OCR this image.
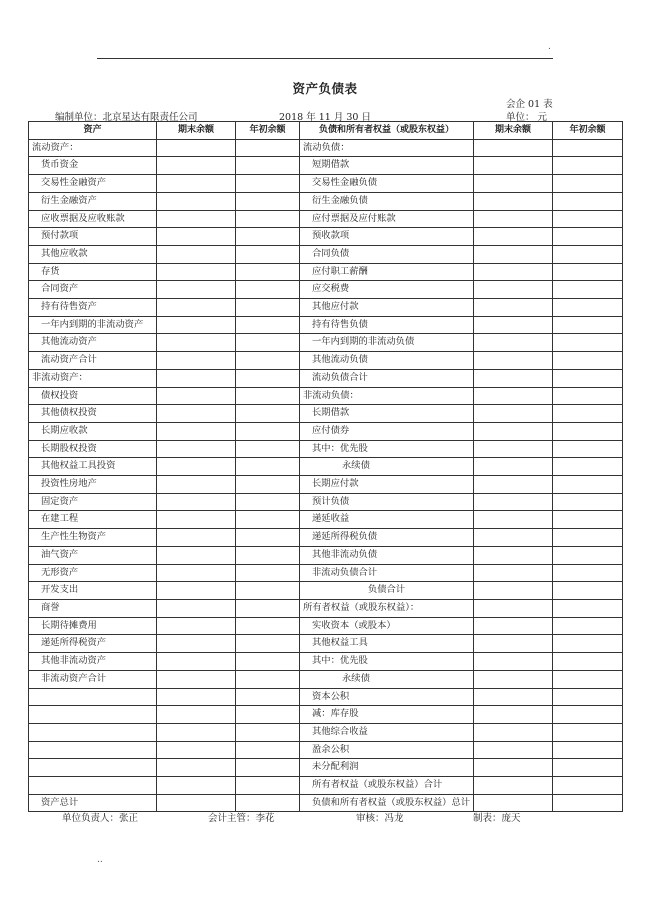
.
资产负债表
会企 01 表
编制单位：北京星达有限责任公司	2018 年 11 月 30 日	单位： 元
资产	期末余额	年初余额	负债和所有者权益（或股东权益）	期末余额	年初余额
流动资产：			流动负债：		
货币资金			短期借款		
交易性金融资产			交易性金融负债		
衍生金融资产			衍生金融负债		
应收票据及应收账款			应付票据及应付账款		
预付款项			预收款项		
其他应收款			合同负债		
存货			应付职工薪酬		
合同资产			应交税费		
持有待售资产			其他应付款		
一年内到期的非流动资产			持有待售负债		
其他流动资产			一年内到期的非流动负债		
流动资产合计			其他流动负债		
非流动资产：			流动负债合计		
债权投资			非流动负债：		
其他债权投资			长期借款		
长期应收款			应付债券		
长期股权投资			其中：优先股		
其他权益工具投资			永续债		
投资性房地产			长期应付款		
固定资产			预计负债		
在建工程			递延收益		
生产性生物资产			递延所得税负债		
油气资产			其他非流动负债		
无形资产			非流动负债合计		
开发支出			负债合计		
商誉			所有者权益（或股东权益）：		
长期待摊费用			实收资本（或股本）		
递延所得税资产			其他权益工具		
其他非流动资产			其中：优先股		
非流动资产合计			永续债		
			资本公积		
			减：库存股		
			其他综合收益		
			盈余公积		
			未分配利润		
			所有者权益（或股东权益）合计		
资产总计			负债和所有者权益（或股东权益）总计		
单位负责人：张正	会计主管：李花	审核：冯龙	制表：庞天
..
